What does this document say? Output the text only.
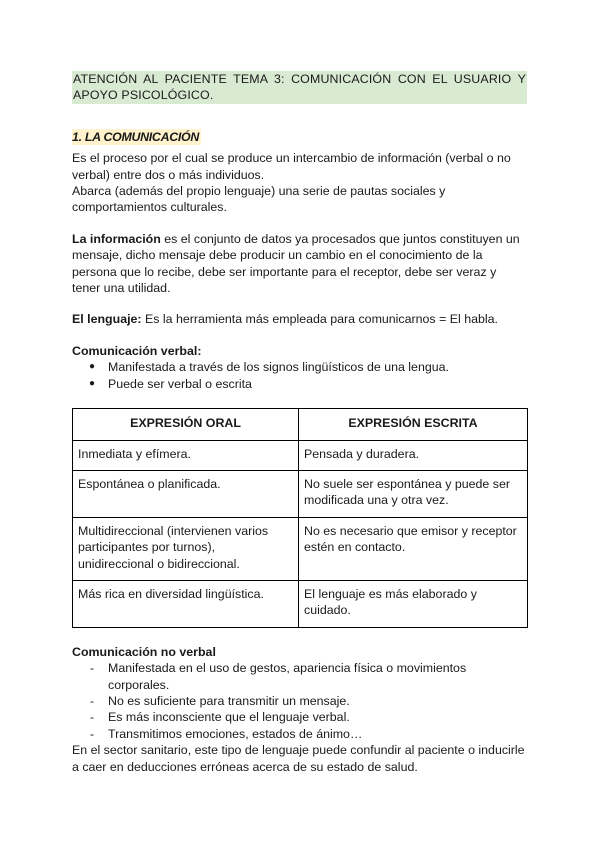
ATENCIÓN AL PACIENTE TEMA 3: COMUNICACIÓN CON EL USUARIO Y APOYO PSICOLÓGICO.

1. LA COMUNICACIÓN

Es el proceso por el cual se produce un intercambio de información (verbal o no verbal) entre dos o más individuos.

Abarca (además del propio lenguaje) una serie de pautas sociales y comportamientos culturales.

La información es el conjunto de datos ya procesados que juntos constituyen un mensaje, dicho mensaje debe producir un cambio en el conocimiento de la persona que lo recibe, debe ser importante para el receptor, debe ser veraz y tener una utilidad.

El lenguaje: Es la herramienta más empleada para comunicarnos = El habla.

Comunicación verbal:

● Manifestada a través de los signos lingüísticos de una lengua.
● Puede ser verbal o escrita
EXPRESIÓN ORAL	EXPRESIÓN ESCRITA
Inmediata y efímera.	Pensada y duradera.
Espontánea o planificada.	No suele ser espontánea y puede ser modificada una y otra vez.
Multidireccional (intervienen varios participantes por turnos), unidireccional o bidireccional.	No es necesario que emisor y receptor estén en contacto.
Más rica en diversidad lingüística.	El lenguaje es más elaborado y cuidado.

Comunicación no verbal

- Manifestada en el uso de gestos, apariencia física o movimientos corporales.
- No es suficiente para transmitir un mensaje.
- Es más inconsciente que el lenguaje verbal.
- Transmitimos emociones, estados de ánimo…

En el sector sanitario, este tipo de lenguaje puede confundir al paciente o inducirle a caer en deducciones erróneas acerca de su estado de salud.
